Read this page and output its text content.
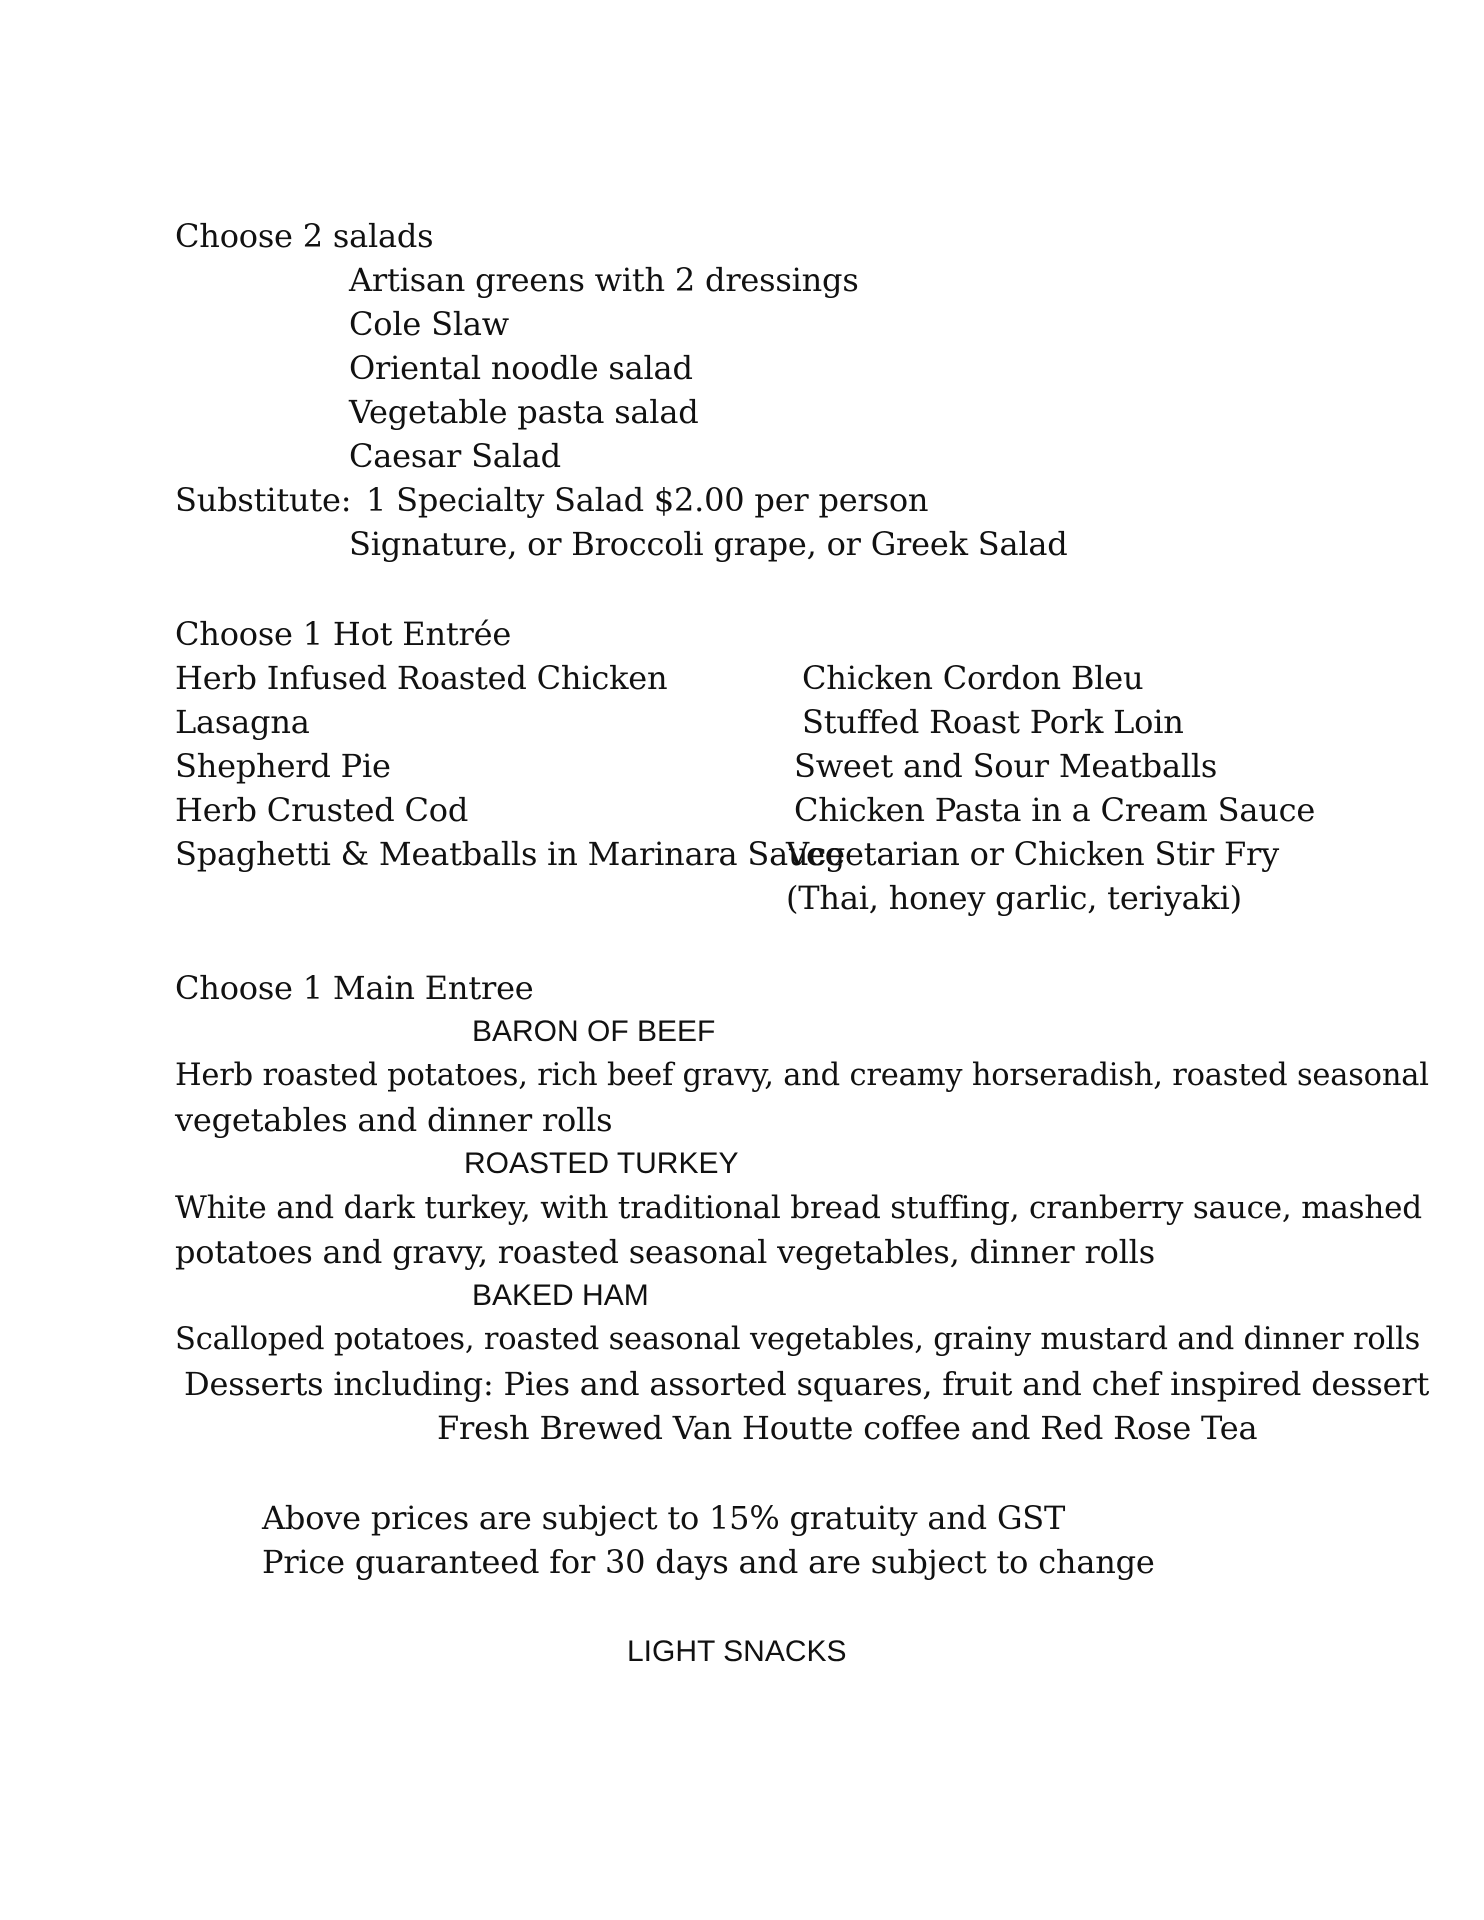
Choose 2 salads
Artisan greens with 2 dressings
Cole Slaw
Oriental noodle salad
Vegetable pasta salad
Caesar Salad
Substitute: 1 Specialty Salad $2.00 per person
Signature, or Broccoli grape, or Greek Salad
Choose 1 Hot Entrée
Herb Infused Roasted Chicken
Lasagna
Shepherd Pie
Herb Crusted Cod
Spaghetti & Meatballs in Marinara Sauce
Chicken Cordon Bleu
Stuffed Roast Pork Loin
Sweet and Sour Meatballs
Chicken Pasta in a Cream Sauce
Vegetarian or Chicken Stir Fry
(Thai, honey garlic, teriyaki)
Choose 1 Main Entree
BARON OF BEEF
Herb roasted potatoes, rich beef gravy, and creamy horseradish, roasted seasonal
vegetables and dinner rolls
ROASTED TURKEY
White and dark turkey, with traditional bread stuffing, cranberry sauce, mashed
potatoes and gravy, roasted seasonal vegetables, dinner rolls
BAKED HAM
Scalloped potatoes, roasted seasonal vegetables, grainy mustard and dinner rolls
Desserts including: Pies and assorted squares, fruit and chef inspired dessert
Fresh Brewed Van Houtte coffee and Red Rose Tea
Above prices are subject to 15% gratuity and GST
Price guaranteed for 30 days and are subject to change
LIGHT SNACKS
